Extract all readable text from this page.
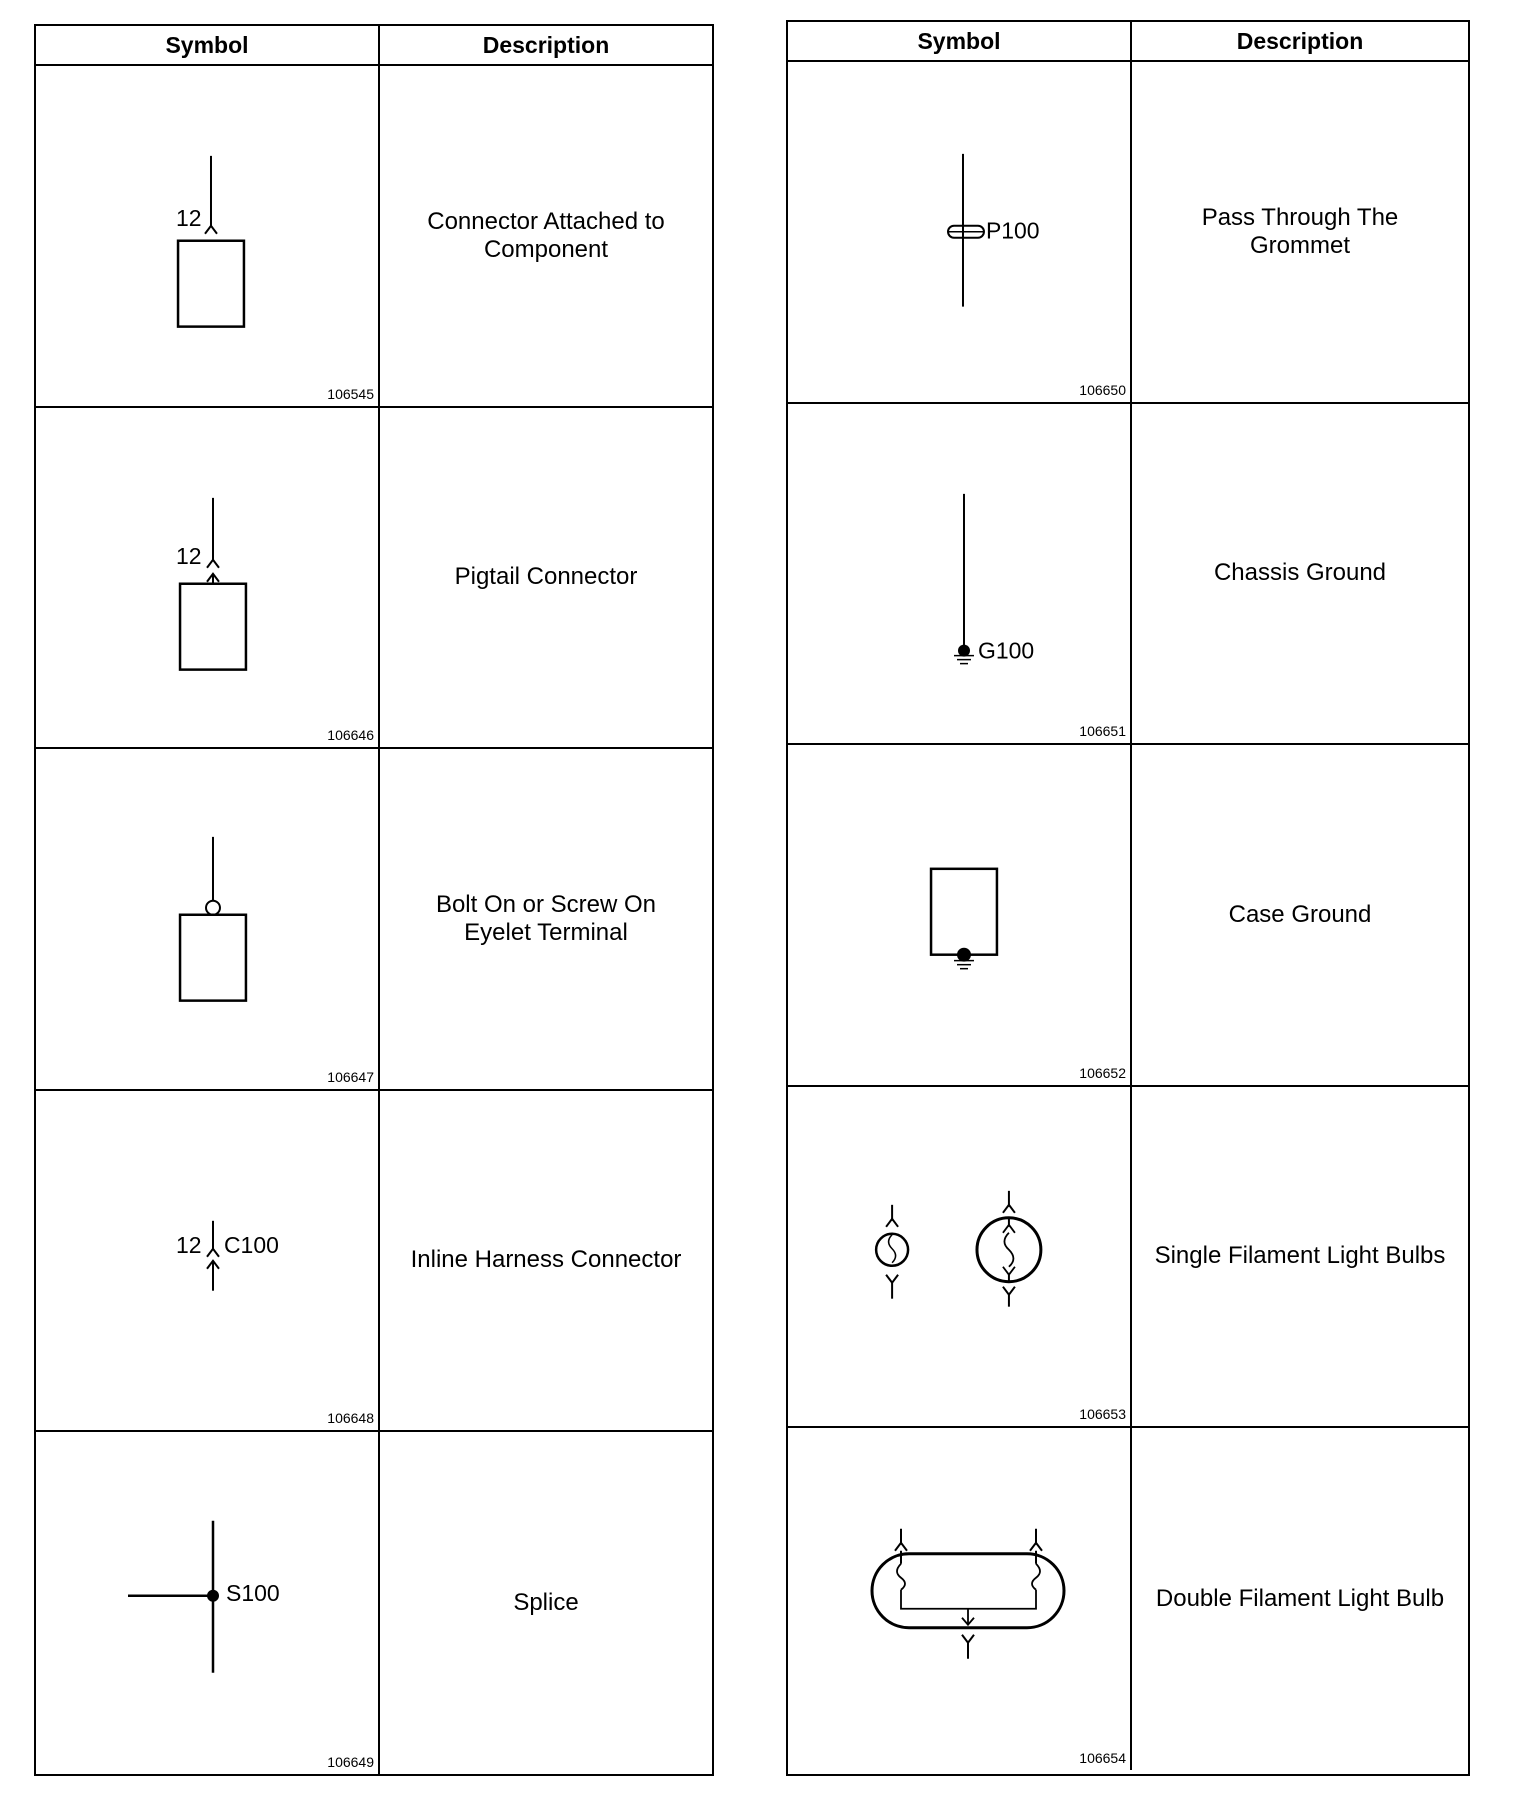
Symbol	Description
12
106545
Connector Attached to
Component
12
106646
Pigtail Connector
106647
Bolt On or Screw On
Eyelet Terminal
12 C100
106648
Inline Harness Connector
S100
106649
Splice
Symbol	Description
P100
106650
Pass Through The
Grommet
G100
106651
Chassis Ground
106652
Case Ground
106653
Single Filament Light Bulbs
106654
Double Filament Light Bulb
